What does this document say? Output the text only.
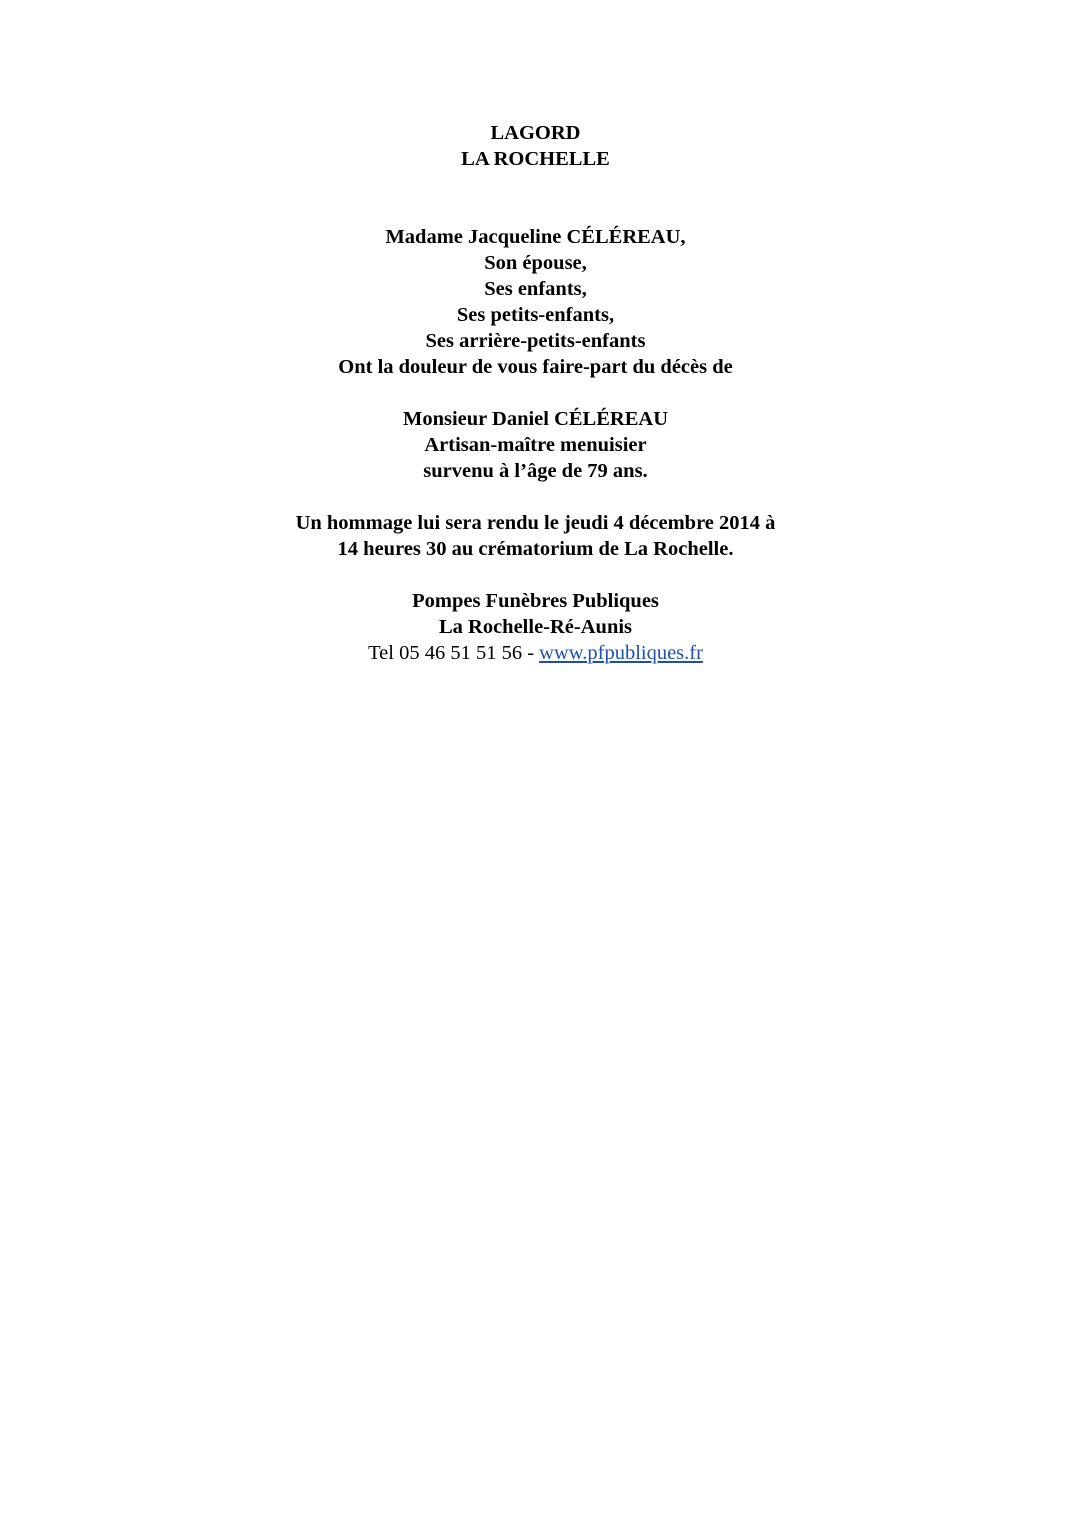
LAGORD
LA ROCHELLE
Madame Jacqueline CÉLÉREAU,
Son épouse,
Ses enfants,
Ses petits-enfants,
Ses arrière-petits-enfants
Ont la douleur de vous faire-part du décès de
Monsieur Daniel CÉLÉREAU
Artisan-maître menuisier
survenu à l’âge de 79 ans.
Un hommage lui sera rendu le jeudi 4 décembre 2014 à
14 heures 30 au crématorium de La Rochelle.
Pompes Funèbres Publiques
La Rochelle-Ré-Aunis
Tel 05 46 51 51 56 - www.pfpubliques.fr
